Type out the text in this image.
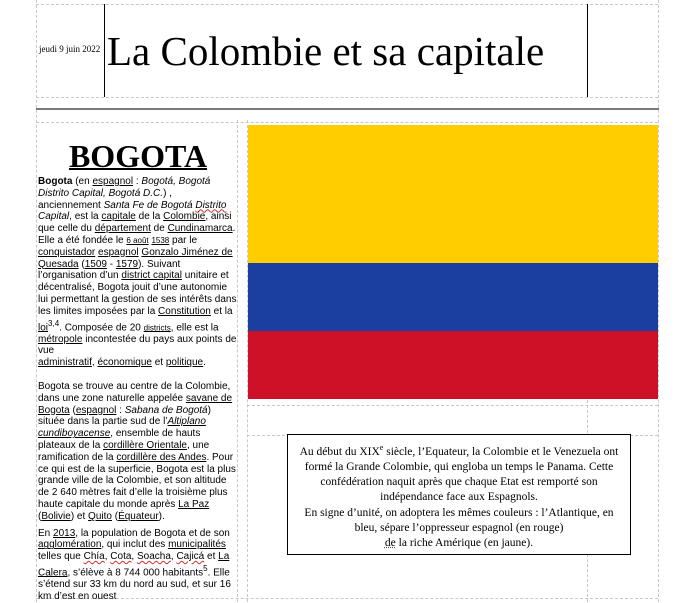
jeudi 9 juin 2022 La Colombie et sa capitale
BOGOTA

Bogota (en espagnol : Bogotá, Bogotá Distrito Capital, Bogotá D.C.) , anciennement Santa Fe de Bogotá Distrito Capital, est la capitale de la Colombie, ainsi que celle du département de Cundinamarca. Elle a été fondée le 6 août 1538 par le conquistador espagnol Gonzalo Jiménez de Quesada (1509 - 1579). Suivant l’organisation d’un district capital unitaire et décentralisé, Bogota jouit d’une autonomie lui permettant la gestion de ses intérêts dans les limites imposées par la Constitution et la loi$^{3,4}$. Composée de 20 districts, elle est la métropole incontestée du pays aux points de vue
administratif, économique et politique.

Bogota se trouve au centre de la Colombie, dans une zone naturelle appelée savane de Bogota (espagnol : Sabana de Bogotá) située dans la partie sud de l’Altiplano cundiboyacense, ensemble de hauts plateaux de la cordillère Orientale, une ramification de la cordillère des Andes. Pour ce qui est de la superficie, Bogota est la plus grande ville de la Colombie, et son altitude de 2 640 mètres fait d’elle la troisième plus haute capitale du monde après La Paz (Bolivie) et Quito (Équateur).

En 2013, la population de Bogota et de son agglomération, qui inclut des municipalités telles que Chía, Cota, Soacha, Cajicá et La Calera, s’élève à 8 744 000 habitants$^5$. Elle s’étend sur 33 km du nord au sud, et sur 16 km d’est en ouest

Au début du XIXe siècle, l’Equateur, la Colombie et le Venezuela ont formé la Grande Colombie, qui engloba un temps le Panama. Cette confédération naquit après que chaque Etat est remporté son indépendance face aux Espagnols.

En signe d’unité, on adoptera les mêmes couleurs : l’Atlantique, en bleu, sépare l’oppresseur espagnol (en rouge)

de la riche Amérique (en jaune).
